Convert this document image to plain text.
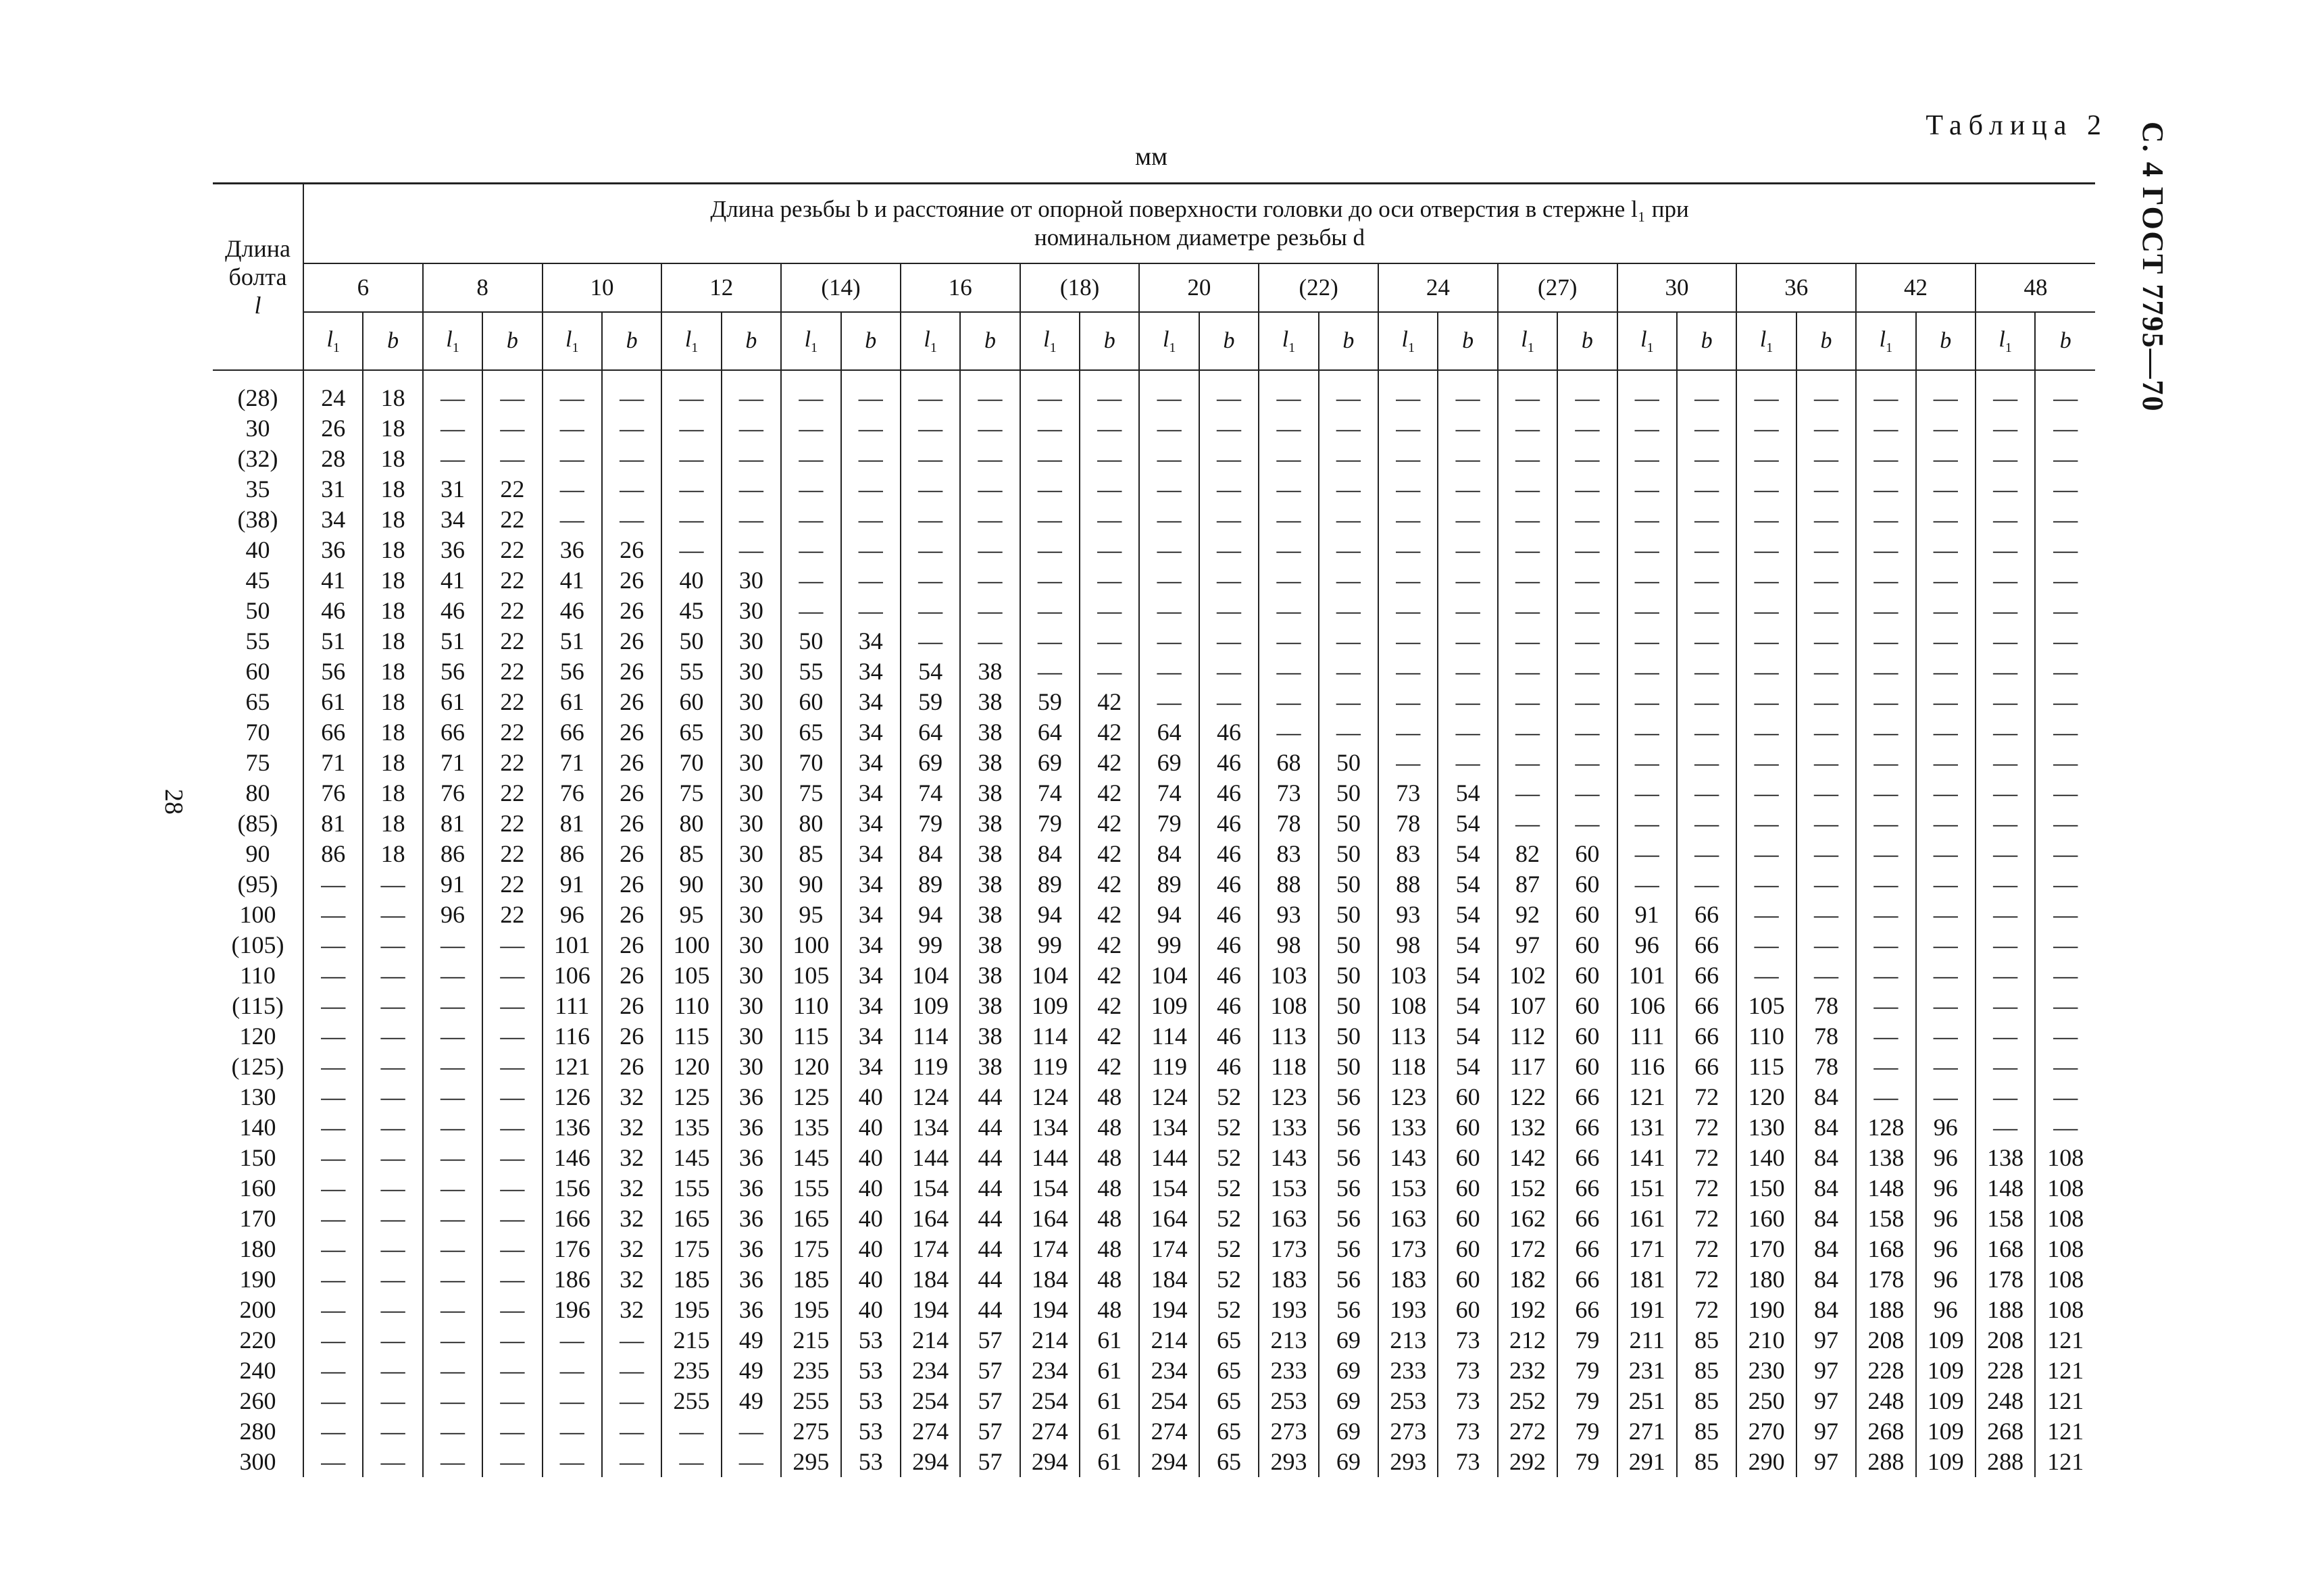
Таблица 2
мм	С. 4 ГОСТ 7795—70
28
Длина
болта
l	Длина резьбы b и расстояние от опорной поверхности головки до оси отверстия в стержне l₁ при
номинальном диаметре резьбы d																													
	6		8		10		12		(14)		16		(18)		20		(22)		24		(27)		30		36		42		48	
	$l_1$	b	$l_1$	b	$l_1$	b	$l_1$	b	$l_1$	b	$l_1$	b	$l_1$	b	$l_1$	b	$l_1$	b	$l_1$	b	$l_1$	b	$l_1$	b	$l_1$	b	$l_1$	b	$l_1$	b

(28)	24	18	—	—	—	—	—	—	—	—	—	—	—	—	—	—	—	—	—	—	—	—	—	—	—	—	—	—	—	—
30	26	18	—	—	—	—	—	—	—	—	—	—	—	—	—	—	—	—	—	—	—	—	—	—	—	—	—	—	—	—
(32)	28	18	—	—	—	—	—	—	—	—	—	—	—	—	—	—	—	—	—	—	—	—	—	—	—	—	—	—	—	—
35	31	18	31	22	—	—	—	—	—	—	—	—	—	—	—	—	—	—	—	—	—	—	—	—	—	—	—	—	—	—
(38)	34	18	34	22	—	—	—	—	—	—	—	—	—	—	—	—	—	—	—	—	—	—	—	—	—	—	—	—	—	—
40	36	18	36	22	36	26	—	—	—	—	—	—	—	—	—	—	—	—	—	—	—	—	—	—	—	—	—	—	—	—
45	41	18	41	22	41	26	40	30	—	—	—	—	—	—	—	—	—	—	—	—	—	—	—	—	—	—	—	—	—	—
50	46	18	46	22	46	26	45	30	—	—	—	—	—	—	—	—	—	—	—	—	—	—	—	—	—	—	—	—	—	—
55	51	18	51	22	51	26	50	30	50	34	—	—	—	—	—	—	—	—	—	—	—	—	—	—	—	—	—	—	—	—
60	56	18	56	22	56	26	55	30	55	34	54	38	—	—	—	—	—	—	—	—	—	—	—	—	—	—	—	—	—	—
65	61	18	61	22	61	26	60	30	60	34	59	38	59	42	—	—	—	—	—	—	—	—	—	—	—	—	—	—	—	—
70	66	18	66	22	66	26	65	30	65	34	64	38	64	42	64	46	—	—	—	—	—	—	—	—	—	—	—	—	—	—
75	71	18	71	22	71	26	70	30	70	34	69	38	69	42	69	46	68	50	—	—	—	—	—	—	—	—	—	—	—	—
80	76	18	76	22	76	26	75	30	75	34	74	38	74	42	74	46	73	50	73	54	—	—	—	—	—	—	—	—	—	—
(85)	81	18	81	22	81	26	80	30	80	34	79	38	79	42	79	46	78	50	78	54	—	—	—	—	—	—	—	—	—	—
90	86	18	86	22	86	26	85	30	85	34	84	38	84	42	84	46	83	50	83	54	82	60	—	—	—	—	—	—	—	—
(95)	—	—	91	22	91	26	90	30	90	34	89	38	89	42	89	46	88	50	88	54	87	60	—	—	—	—	—	—	—	—
100	—	—	96	22	96	26	95	30	95	34	94	38	94	42	94	46	93	50	93	54	92	60	91	66	—	—	—	—	—	—
(105)	—	—	—	—	101	26	100	30	100	34	99	38	99	42	99	46	98	50	98	54	97	60	96	66	—	—	—	—	—	—
110	—	—	—	—	106	26	105	30	105	34	104	38	104	42	104	46	103	50	103	54	102	60	101	66	—	—	—	—	—	—
(115)	—	—	—	—	111	26	110	30	110	34	109	38	109	42	109	46	108	50	108	54	107	60	106	66	105	78	—	—	—	—
120	—	—	—	—	116	26	115	30	115	34	114	38	114	42	114	46	113	50	113	54	112	60	111	66	110	78	—	—	—	—
(125)	—	—	—	—	121	26	120	30	120	34	119	38	119	42	119	46	118	50	118	54	117	60	116	66	115	78	—	—	—	—
130	—	—	—	—	126	32	125	36	125	40	124	44	124	48	124	52	123	56	123	60	122	66	121	72	120	84	—	—	—	—
140	—	—	—	—	136	32	135	36	135	40	134	44	134	48	134	52	133	56	133	60	132	66	131	72	130	84	128	96	—	—
150	—	—	—	—	146	32	145	36	145	40	144	44	144	48	144	52	143	56	143	60	142	66	141	72	140	84	138	96	138	108
160	—	—	—	—	156	32	155	36	155	40	154	44	154	48	154	52	153	56	153	60	152	66	151	72	150	84	148	96	148	108
170	—	—	—	—	166	32	165	36	165	40	164	44	164	48	164	52	163	56	163	60	162	66	161	72	160	84	158	96	158	108
180	—	—	—	—	176	32	175	36	175	40	174	44	174	48	174	52	173	56	173	60	172	66	171	72	170	84	168	96	168	108
190	—	—	—	—	186	32	185	36	185	40	184	44	184	48	184	52	183	56	183	60	182	66	181	72	180	84	178	96	178	108
200	—	—	—	—	196	32	195	36	195	40	194	44	194	48	194	52	193	56	193	60	192	66	191	72	190	84	188	96	188	108
220	—	—	—	—	—	—	215	49	215	53	214	57	214	61	214	65	213	69	213	73	212	79	211	85	210	97	208	109	208	121
240	—	—	—	—	—	—	235	49	235	53	234	57	234	61	234	65	233	69	233	73	232	79	231	85	230	97	228	109	228	121
260	—	—	—	—	—	—	255	49	255	53	254	57	254	61	254	65	253	69	253	73	252	79	251	85	250	97	248	109	248	121
280	—	—	—	—	—	—	—	—	275	53	274	57	274	61	274	65	273	69	273	73	272	79	271	85	270	97	268	109	268	121
300	—	—	—	—	—	—	—	—	295	53	294	57	294	61	294	65	293	69	293	73	292	79	291	85	290	97	288	109	288	121
